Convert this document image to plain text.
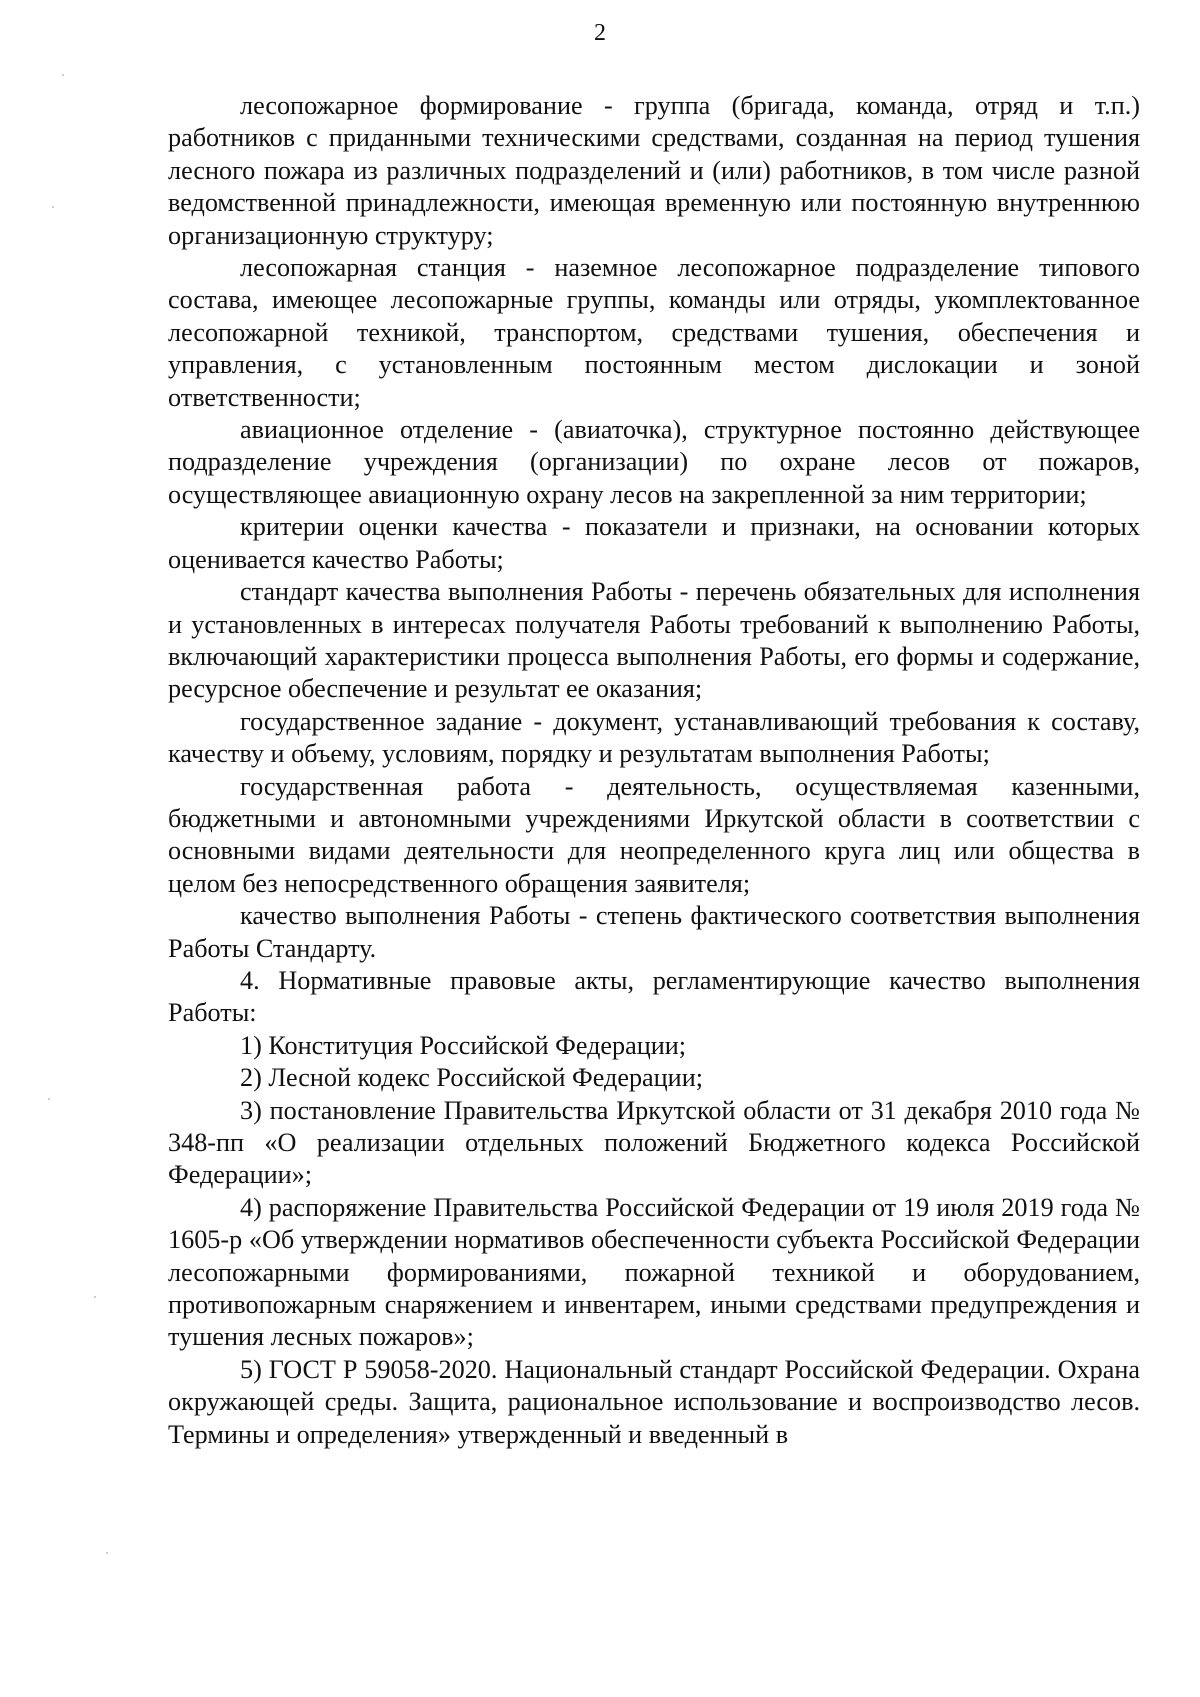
2

лесопожарное формирование - группа (бригада, команда, отряд и т.п.) работников с приданными техническими средствами, созданная на период тушения лесного пожара из различных подразделений и (или) работников, в том числе разной ведомственной принадлежности, имеющая временную или постоянную внутреннюю организационную структуру;

лесопожарная станция - наземное лесопожарное подразделение типового состава, имеющее лесопожарные группы, команды или отряды, укомплектованное лесопожарной техникой, транспортом, средствами тушения, обеспечения и управления, с установленным постоянным местом дислокации и зоной ответственности;

авиационное отделение - (авиаточка), структурное постоянно действующее подразделение учреждения (организации) по охране лесов от пожаров, осуществляющее авиационную охрану лесов на закрепленной за ним территории;

критерии оценки качества - показатели и признаки, на основании которых оценивается качество Работы;

стандарт качества выполнения Работы - перечень обязательных для исполнения и установленных в интересах получателя Работы требований к выполнению Работы, включающий характеристики процесса выполнения Работы, его формы и содержание, ресурсное обеспечение и результат ее оказания;

государственное задание - документ, устанавливающий требования к составу, качеству и объему, условиям, порядку и результатам выполнения Работы;

государственная работа - деятельность, осуществляемая казенными, бюджетными и автономными учреждениями Иркутской области в соответствии с основными видами деятельности для неопределенного круга лиц или общества в целом без непосредственного обращения заявителя;

качество выполнения Работы - степень фактического соответствия выполнения Работы Стандарту.

4. Нормативные правовые акты, регламентирующие качество выполнения Работы:

1) Конституция Российской Федерации;

2) Лесной кодекс Российской Федерации;

3) постановление Правительства Иркутской области от 31 декабря 2010 года № 348-пп «О реализации отдельных положений Бюджетного кодекса Российской Федерации»;

4) распоряжение Правительства Российской Федерации от 19 июля 2019 года № 1605-р «Об утверждении нормативов обеспеченности субъекта Российской Федерации лесопожарными формированиями, пожарной техникой и оборудованием, противопожарным снаряжением и инвентарем, иными средствами предупреждения и тушения лесных пожаров»;

5) ГОСТ Р 59058-2020. Национальный стандарт Российской Федерации. Охрана окружающей среды. Защита, рациональное использование и воспроизводство лесов. Термины и определения» утвержденный и введенный в
